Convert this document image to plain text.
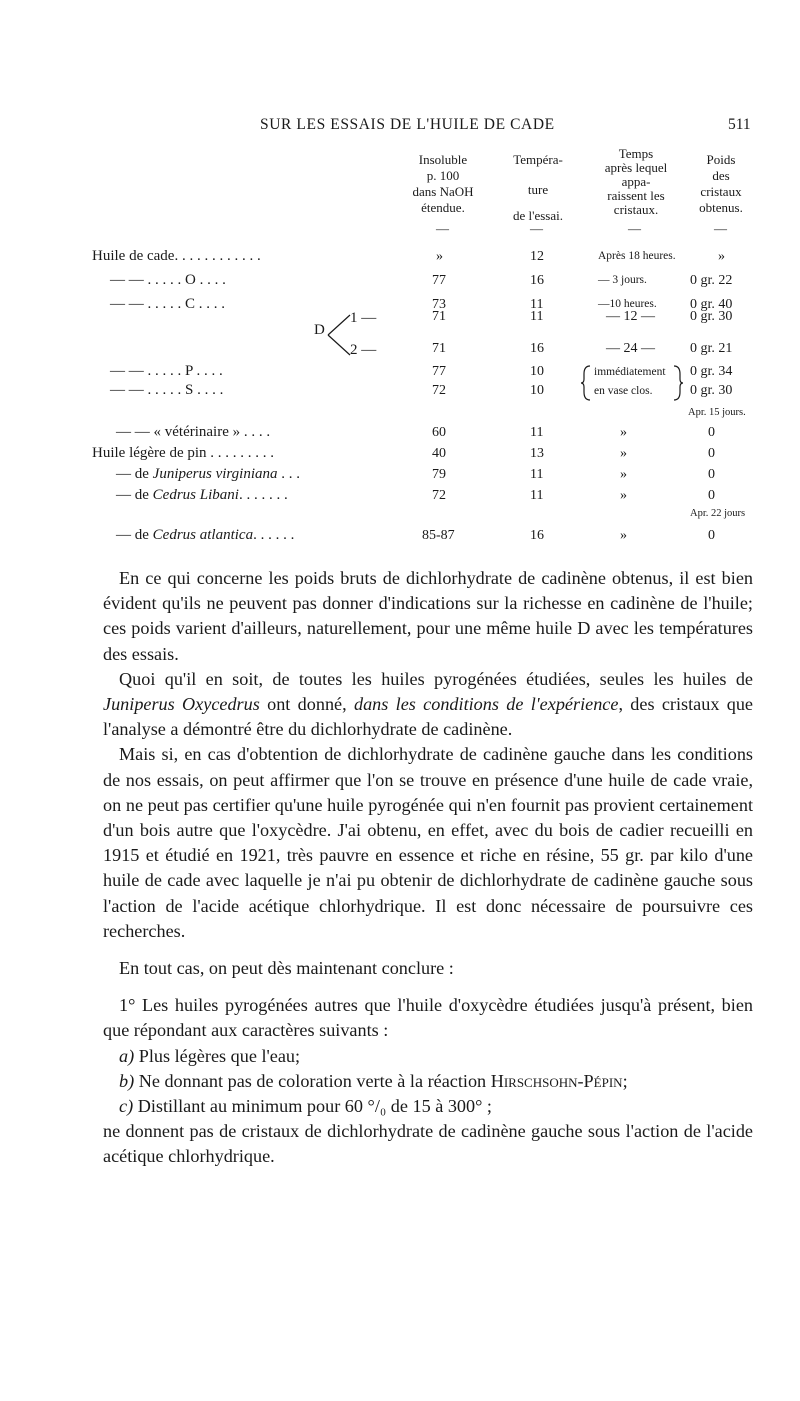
SUR LES ESSAIS DE L'HUILE DE CADE	511
Insoluble
p. 100
dans NaOH
étendue.
Tempéra-
ture
de l'essai.
Temps
après lequel
appa-
raissent les
cristaux.
Poids
des
cristaux
obtenus.
—	—	—	—
Huile de cade. . . . . . . . . . . .	»	12	Après 18 heures.	»
— — . . . . . O . . . .	77	16	— 3 jours.	0 gr. 22
— — . . . . . C . . . .	73	11	—10 heures. 0 gr. 40
D
1 —	71	11	— 12 —	0 gr. 30
2 —	71	16	— 24 —	0 gr. 21
— — . . . . . P . . . .	77	10	immédiatement 0 gr. 34
— — . . . . . S . . . .	72	10	en vase clos.	0 gr. 30
Apr. 15 jours.
— — « vétérinaire » . . . .	60	11	»	0
Huile légère de pin . . . . . . . . .	40	13	»	0
— de Juniperus virginiana . . .	79	11	»	0
— de Cedrus Libani. . . . . . .	72	11	»	0
Apr. 22 jours
— de Cedrus atlantica. . . . . .	85-87	16	»	0

En ce qui concerne les poids bruts de dichlorhydrate de cadinène obtenus, il est bien évident qu'ils ne peuvent pas donner d'indications sur la richesse en cadinène de l'huile; ces poids varient d'ailleurs, naturellement, pour une même huile D avec les températures des essais.

Quoi qu'il en soit, de toutes les huiles pyrogénées étudiées, seules les huiles de Juniperus Oxycedrus ont donné, dans les conditions de l'expérience, des cristaux que l'analyse a démontré être du dichlorhydrate de cadinène.

Mais si, en cas d'obtention de dichlorhydrate de cadinène gauche dans les conditions de nos essais, on peut affirmer que l'on se trouve en présence d'une huile de cade vraie, on ne peut pas certifier qu'une huile pyrogénée qui n'en fournit pas provient certainement d'un bois autre que l'oxycèdre. J'ai obtenu, en effet, avec du bois de cadier recueilli en 1915 et étudié en 1921, très pauvre en essence et riche en résine, 55 gr. par kilo d'une huile de cade avec laquelle je n'ai pu obtenir de dichlorhydrate de cadinène gauche sous l'action de l'acide acétique chlorhydrique. Il est donc nécessaire de poursuivre ces recherches.

En tout cas, on peut dès maintenant conclure :

1° Les huiles pyrogénées autres que l'huile d'oxycèdre étudiées jusqu'à présent, bien que répondant aux caractères suivants :

a) Plus légères que l'eau;

b) Ne donnant pas de coloration verte à la réaction Hirschsohn-Pépin;

c) Distillant au minimum pour 60 °/₀ de 15 à 300° ;

ne donnent pas de cristaux de dichlorhydrate de cadinène gauche sous l'action de l'acide acétique chlorhydrique.
